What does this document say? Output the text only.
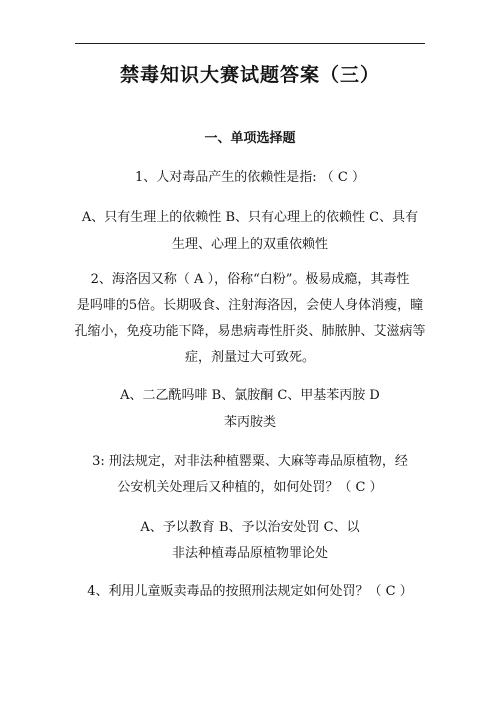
禁毒知识大赛试题答案（三）
一、单项选择题
1、人对毒品产生的依赖性是指: （ C ）
A、只有生理上的依赖性 B、只有心理上的依赖性 C、具有
生理、心理上的双重依赖性
2、海洛因又称（ A ），俗称“白粉”。极易成瘾，其毒性
是吗啡的5倍。长期吸食、注射海洛因，会使人身体消瘦，瞳
孔缩小，免疫功能下降，易患病毒性肝炎、肺脓肿、艾滋病等
症，剂量过大可致死。
A、二乙酰吗啡 B、氯胺酮 C、甲基苯丙胺 D
苯丙胺类
3: 刑法规定，对非法种植罂粟、大麻等毒品原植物，经
公安机关处理后又种植的，如何处罚？（ C ）
A、予以教育 B、予以治安处罚 C、以
非法种植毒品原植物罪论处
4、利用儿童贩卖毒品的按照刑法规定如何处罚？（ C ）
